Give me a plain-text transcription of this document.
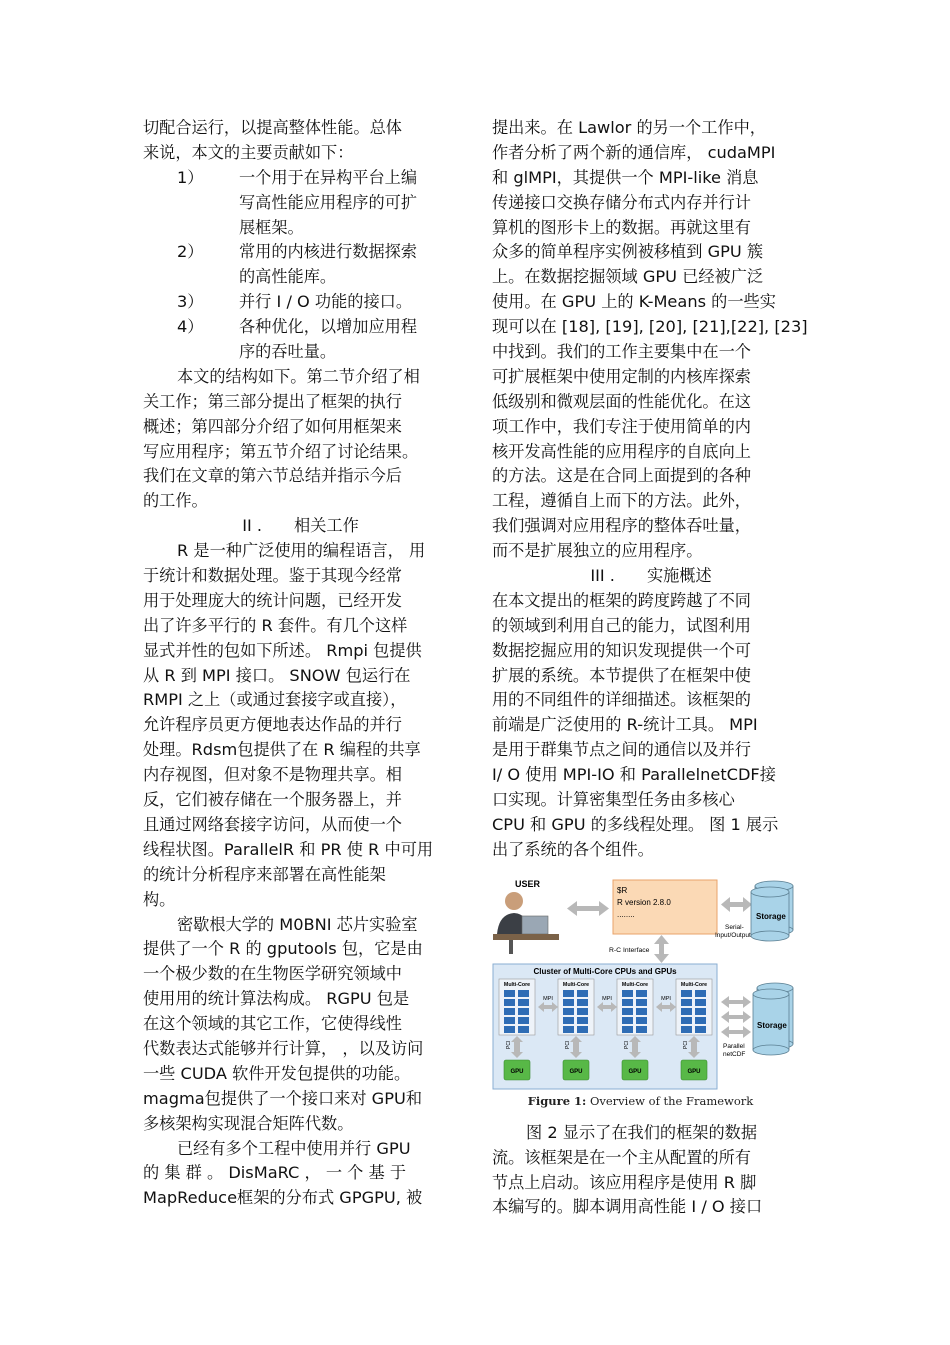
切配合运行，以提高整体性能。总体
来说，本文的主要贡献如下：
1）	一个用于在异构平台上编
写高性能应用程序的可扩
展框架。
2）	常用的内核进行数据探索
的高性能库。
3）	并行 I / O 功能的接口。
4）	各种优化，以增加应用程
序的吞吐量。
本文的结构如下。第二节介绍了相
关工作；第三部分提出了框架的执行
概述；第四部分介绍了如何用框架来
写应用程序；第五节介绍了讨论结果。
我们在文章的第六节总结并指示今后
的工作。
II . 相关工作
R 是一种广泛使用的编程语言， 用
于统计和数据处理。鉴于其现今经常
用于处理庞大的统计问题，已经开发
出了许多平行的 R 套件。有几个这样
显式并性的包如下所述。 Rmpi 包提供
从 R 到 MPI 接口。 SNOW 包运行在
RMPI 之上（或通过套接字或直接），
允许程序员更方便地表达作品的并行
处理。Rdsm包提供了在 R 编程的共享
内存视图，但对象不是物理共享。相
反，它们被存储在一个服务器上，并
且通过网络套接字访问，从而使一个
线程状图。ParallelR 和 PR 使 R 中可用
的统计分析程序来部署在高性能架
构。
密歇根大学的 M0BNI 芯片实验室
提供了一个 R 的 gputools 包，它是由
一个极少数的在生物医学研究领域中
使用用的统计算法构成。 RGPU 包是
在这个领域的其它工作，它使得线性
代数表达式能够并行计算， ，以及访问
一些 CUDA 软件开发包提供的功能。
magma包提供了一个接口来对 GPU和
多核架构实现混合矩阵代数。
已经有多个工程中使用并行 GPU
的 集 群 。 DisMaRC ， 一 个 基 于
MapReduce框架的分布式 GPGPU, 被
提出来。在 Lawlor 的另一个工作中，
作者分析了两个新的通信库， cudaMPI
和 glMPI，其提供一个 MPI-like 消息
传递接口交换存储分布式内存并行计
算机的图形卡上的数据。再就这里有
众多的简单程序实例被移植到 GPU 簇
上。在数据挖掘领域 GPU 已经被广泛
使用。在 GPU 上的 K-Means 的一些实
现可以在 [18], [19], [20], [21],[22], [23]
中找到。我们的工作主要集中在一个
可扩展框架中使用定制的内核库探索
低级别和微观层面的性能优化。在这
项工作中，我们专注于使用简单的内
核开发高性能的应用程序的自底向上
的方法。这是在合同上面提到的各种
工程，遵循自上而下的方法。此外，
我们强调对应用程序的整体吞吐量，
而不是扩展独立的应用程序。
III . 实施概述
在本文提出的框架的跨度跨越了不同
的领域到利用自己的能力，试图利用
数据挖掘应用的知识发现提供一个可
扩展的系统。本节提供了在框架中使
用的不同组件的详细描述。该框架的
前端是广泛使用的 R-统计工具。 MPI
是用于群集节点之间的通信以及并行
I/ O 使用 MPI-IO 和 ParallelnetCDF接
口实现。计算密集型任务由多核心
CPU 和 GPU 的多线程处理。 图 1 展示
出了系统的各个组件。
图 2 显示了在我们的框架的数据
流。该框架是在一个主从配置的所有
节点上启动。该应用程序是使用 R 脚
本编写的。脚本调用高性能 I / O 接口
USER
$R
R version 2.8.0
........
Serial-
Input/Output
Storage
R-C Interface
Cluster of Multi-Core CPUs and GPUs
Multi-Core
PCI
GPU
MPI
Multi-Core
PCI
GPU
MPI
Multi-Core
PCI
GPU
MPI
Multi-Core
PCI
GPU
Parallel
netCDF
Storage
Figure 1: Overview of the Framework
